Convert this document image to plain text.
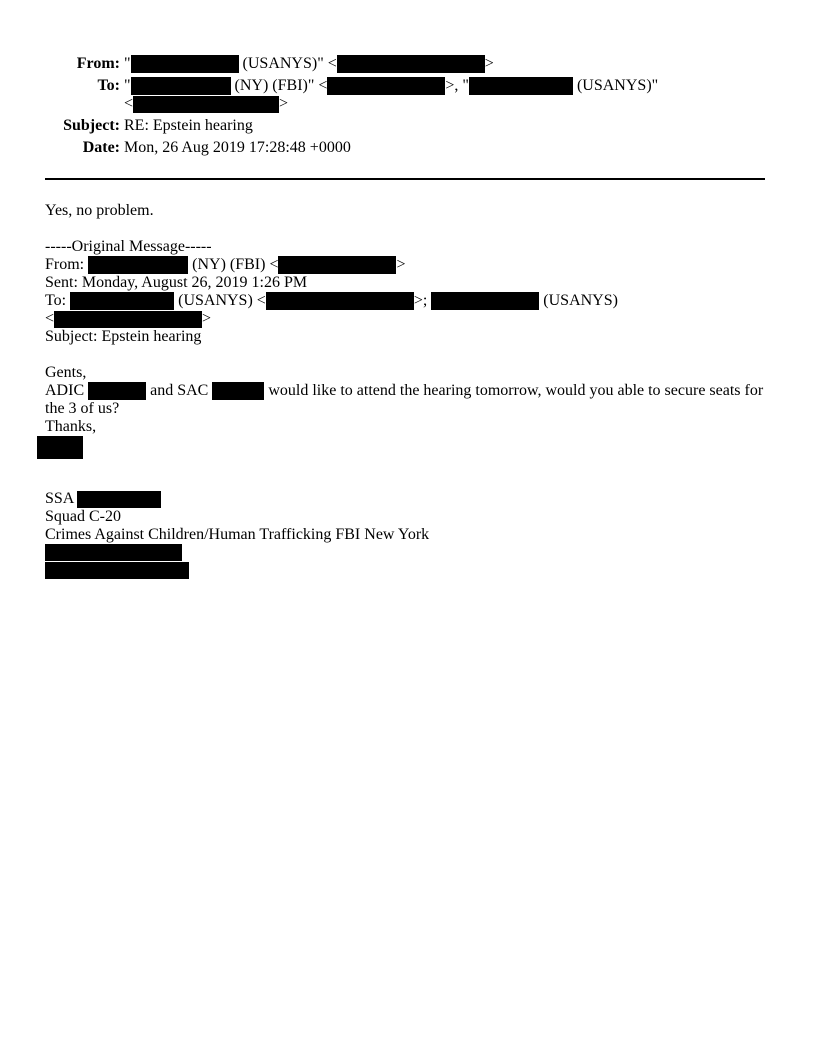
From: "	(USANYS)" <	>
To: "	(NY) (FBI)" <	>, "	(USANYS)"
<	>
Subject: RE: Epstein hearing
Date: Mon, 26 Aug 2019 17:28:48 +0000
Yes, no problem.
-----Original Message-----
From:	(NY) (FBI) <	>
Sent: Monday, August 26, 2019 1:26 PM
To:	(USANYS) <	>;	(USANYS)
<	>
Subject: Epstein hearing
Gents,
ADIC	and SAC	would like to attend the hearing tomorrow, would you able to secure seats for
the 3 of us?
Thanks,
SSA
Squad C-20
Crimes Against Children/Human Trafficking FBI New York
